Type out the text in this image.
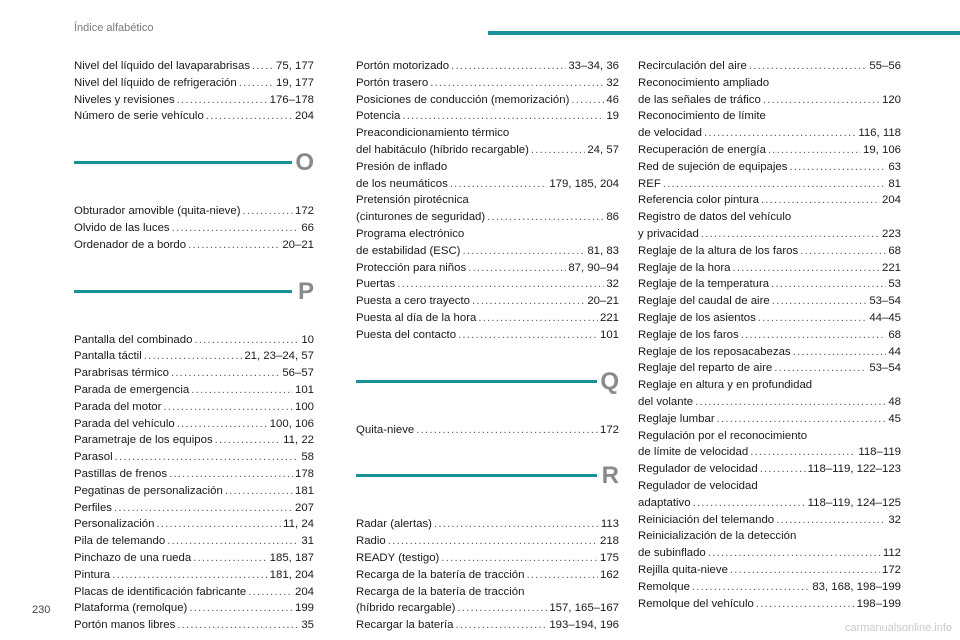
Índice alfabético
Nivel del líquido del lavaparabrisas ..... 75, 177
Nivel del líquido de refrigeración .....	19, 177
Niveles y revisiones .....	176–178
Número de serie vehículo .....	204
O
Obturador amovible (quita-nieve) .....	172
Olvido de las luces .....	66
Ordenador de a bordo .....	20–21
P
Pantalla del combinado .....	10
Pantalla táctil .....	21, 23–24, 57
Parabrisas térmico .....	56–57
Parada de emergencia .....	101
Parada del motor .....	100
Parada del vehículo .....	100, 106
Parametraje de los equipos .....	11, 22
Parasol .....	58
Pastillas de frenos .....	178
Pegatinas de personalización .....	181
Perfiles .....	207
Personalización .....	11, 24
Pila de telemando .....	31
Pinchazo de una rueda .....	185, 187
Pintura .....	181, 204
Placas de identificación fabricante .....	204
Plataforma (remolque) .....	199
Portón manos libres .....	35
Portón motorizado .....	33–34, 36
Portón trasero .....	32
Posiciones de conducción (memorización) .....	46
Potencia .....	19
Preacondicionamiento térmico
del habitáculo (híbrido recargable) .....	24, 57
Presión de inflado
de los neumáticos .....	179, 185, 204
Pretensión pirotécnica
(cinturones de seguridad) .....	86
Programa electrónico
de estabilidad (ESC) .....	81, 83
Protección para niños .....	87, 90–94
Puertas .....	32
Puesta a cero trayecto .....	20–21
Puesta al día de la hora .....	221
Puesta del contacto .....	101
Q
Quita-nieve .....	172
R
Radar (alertas) .....	113
Radio .....	218
READY (testigo) .....	175
Recarga de la batería de tracción .....	162
Recarga de la batería de tracción
(híbrido recargable) .....	157, 165–167
Recargar la batería .....	193–194, 196
Recirculación del aire .....	55–56
Reconocimiento ampliado
de las señales de tráfico .....	120
Reconocimiento de límite
de velocidad .....	116, 118
Recuperación de energía .....	19, 106
Red de sujeción de equipajes .....	63
REF .....	81
Referencia color pintura .....	204
Registro de datos del vehículo
y privacidad .....	223
Reglaje de la altura de los faros .....	68
Reglaje de la hora .....	221
Reglaje de la temperatura .....	53
Reglaje del caudal de aire .....	53–54
Reglaje de los asientos .....	44–45
Reglaje de los faros .....	68
Reglaje de los reposacabezas .....	44
Reglaje del reparto de aire .....	53–54
Reglaje en altura y en profundidad
del volante .....	48
Reglaje lumbar .....	45
Regulación por el reconocimiento
de límite de velocidad .....	118–119
Regulador de velocidad .....	118–119, 122–123
Regulador de velocidad
adaptativo .....	118–119, 124–125
Reiniciación del telemando .....	32
Reinicialización de la detección
de subinflado .....	112
Rejilla quita-nieve .....	172
Remolque .....	83, 168, 198–199
Remolque del vehículo .....	198–199
230
carmanualsonline.info
